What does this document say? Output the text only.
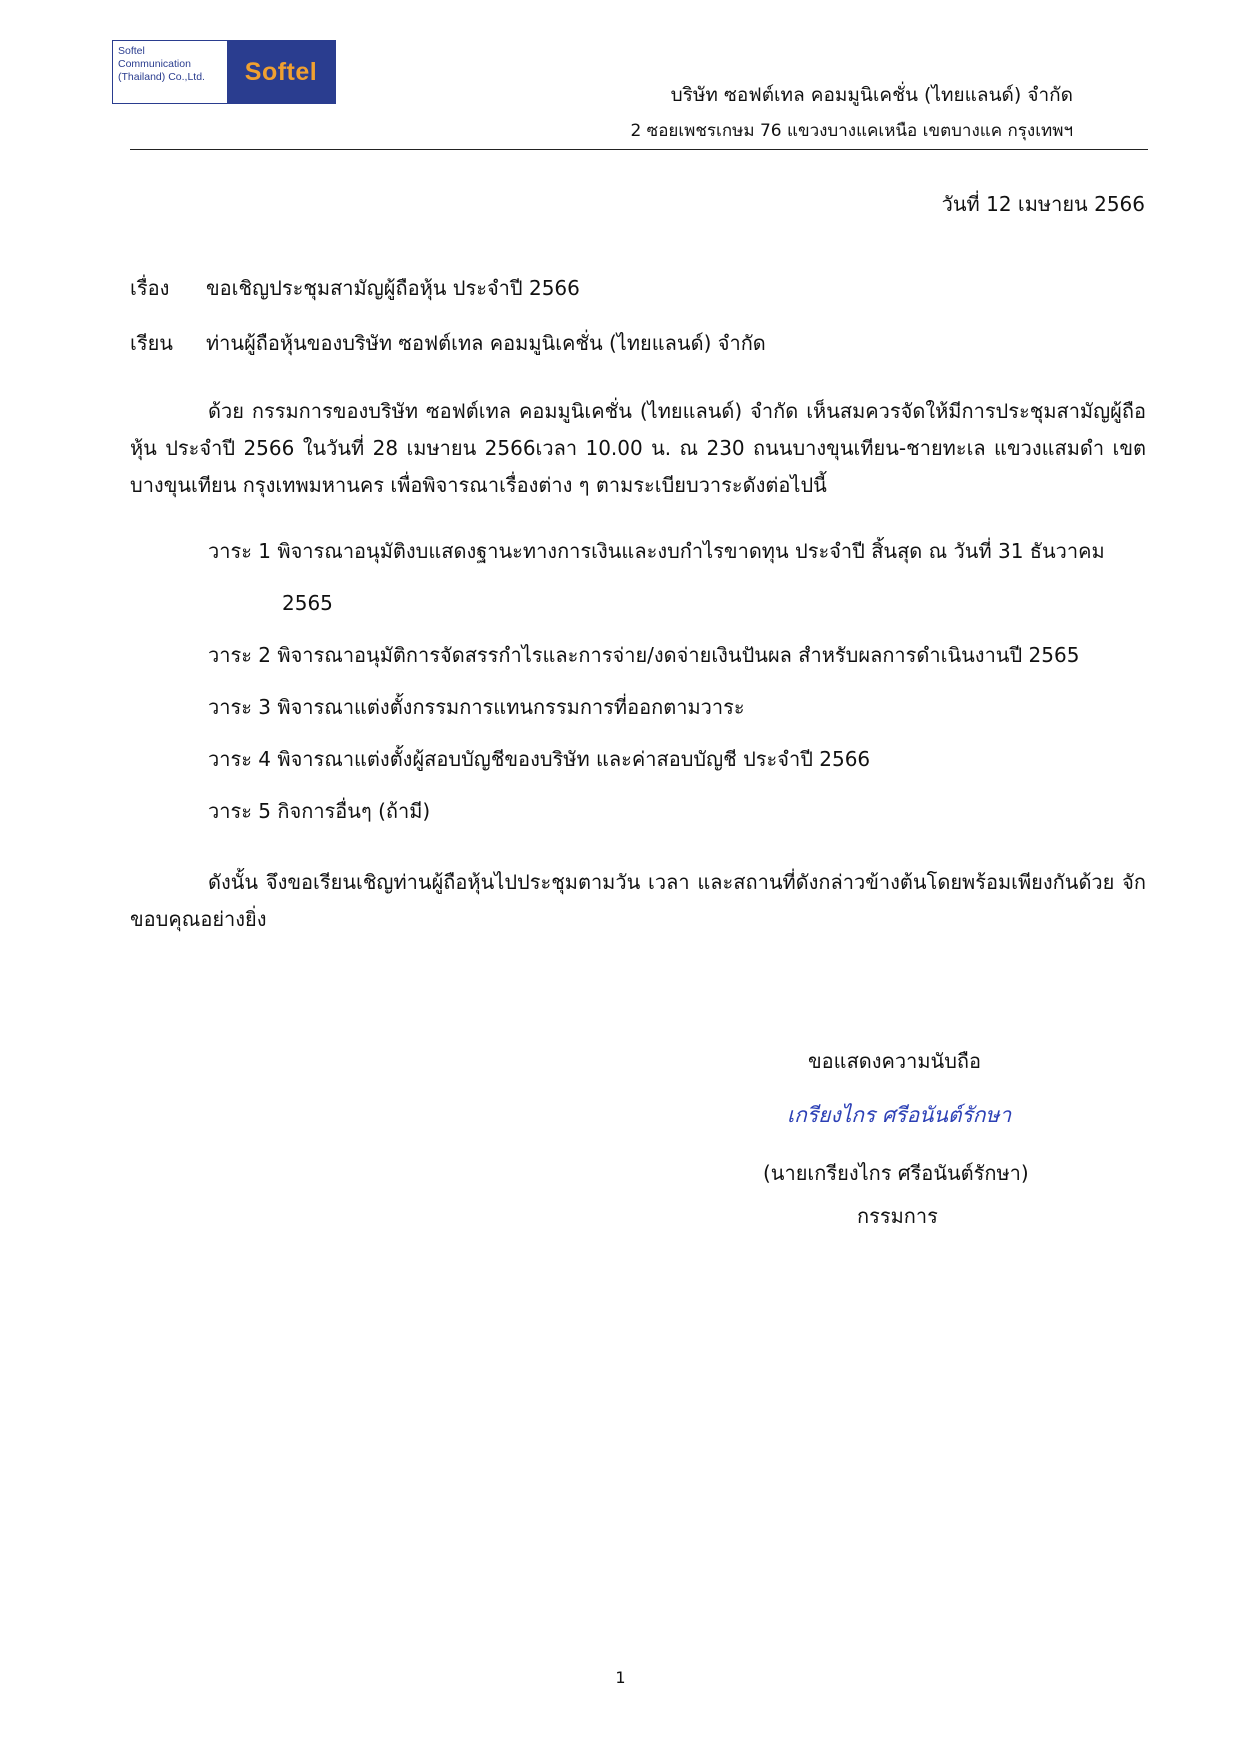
Softel
Communication
(Thailand) Co.,Ltd.	Softel
บริษัท ซอฟต์เทล คอมมูนิเคชั่น (ไทยแลนด์) จำกัด
2 ซอยเพชรเกษม 76 แขวงบางแคเหนือ เขตบางแค กรุงเทพฯ
วันที่ 12 เมษายน 2566
เรื่อง ขอเชิญประชุมสามัญผู้ถือหุ้น ประจำปี 2566
เรียน ท่านผู้ถือหุ้นของบริษัท ซอฟต์เทล คอมมูนิเคชั่น (ไทยแลนด์) จำกัด

ด้วย กรรมการของบริษัท ซอฟต์เทล คอมมูนิเคชั่น (ไทยแลนด์) จำกัด เห็นสมควรจัดให้มีการประชุมสามัญผู้ถือหุ้น ประจำปี 2566 ในวันที่ 28 เมษายน 2566เวลา 10.00 น. ณ 230 ถนนบางขุนเทียน-ชายทะเล แขวงแสมดำ เขตบางขุนเทียน กรุงเทพมหานคร เพื่อพิจารณาเรื่องต่าง ๆ ตามระเบียบวาระดังต่อไปนี้

วาระ 1 พิจารณาอนุมัติงบแสดงฐานะทางการเงินและงบกำไรขาดทุน ประจำปี สิ้นสุด ณ วันที่ 31 ธันวาคม
2565
วาระ 2 พิจารณาอนุมัติการจัดสรรกำไรและการจ่าย/งดจ่ายเงินปันผล สำหรับผลการดำเนินงานปี 2565
วาระ 3 พิจารณาแต่งตั้งกรรมการแทนกรรมการที่ออกตามวาระ
วาระ 4 พิจารณาแต่งตั้งผู้สอบบัญชีของบริษัท และค่าสอบบัญชี ประจำปี 2566
วาระ 5 กิจการอื่นๆ (ถ้ามี)

ดังนั้น จึงขอเรียนเชิญท่านผู้ถือหุ้นไปประชุมตามวัน เวลา และสถานที่ดังกล่าวข้างต้นโดยพร้อมเพียงกันด้วย จักขอบคุณอย่างยิ่ง

ขอแสดงความนับถือ
เกรียงไกร ศรีอนันต์รักษา
(นายเกรียงไกร ศรีอนันต์รักษา)
กรรมการ
1
